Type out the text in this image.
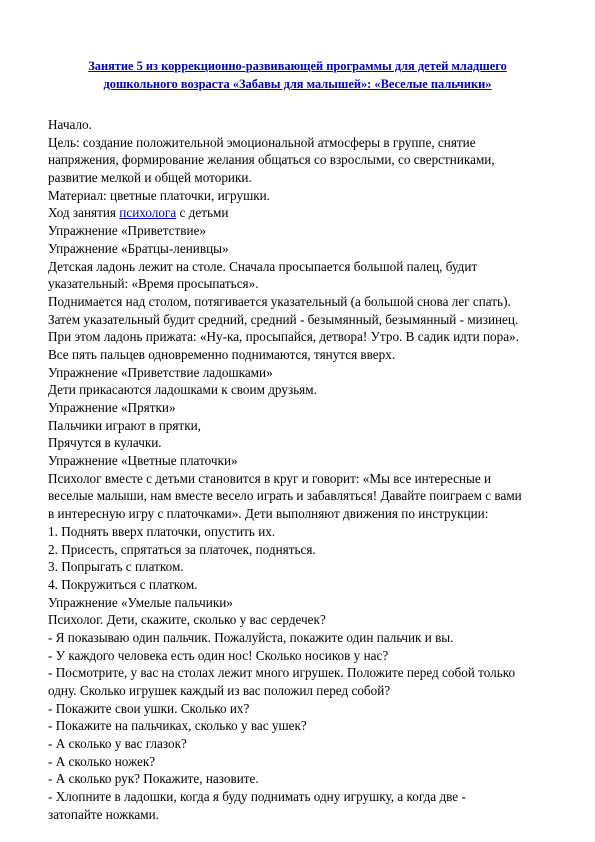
Занятие 5 из коррекционно-развивающей программы для детей младшего
дошкольного возраста «Забавы для малышей»: «Веселые пальчики»
Начало.
Цель: создание положительной эмоциональной атмосферы в группе, снятие
напряжения, формирование желания общаться со взрослыми, со сверстниками,
развитие мелкой и общей моторики.
Материал: цветные платочки, игрушки.
Ход занятия психолога с детьми
Упражнение «Приветствие»
Упражнение «Братцы-ленивцы»
Детская ладонь лежит на столе. Сначала просыпается большой палец, будит
указательный: «Время просыпаться».
Поднимается над столом, потягивается указательный (а большой снова лег спать).
Затем указательный будит средний, средний - безымянный, безымянный - мизинец.
При этом ладонь прижата: «Ну-ка, просыпайся, детвора! Утро. В садик идти пора».
Все пять пальцев одновременно поднимаются, тянутся вверх.
Упражнение «Приветствие ладошками»
Дети прикасаются ладошками к своим друзьям.
Упражнение «Прятки»
Пальчики играют в прятки,
Прячутся в кулачки.
Упражнение «Цветные платочки»
Психолог вместе с детьми становится в круг и говорит: «Мы все интересные и
веселые малыши, нам вместе весело играть и забавляться! Давайте поиграем с вами
в интересную игру с платочками». Дети выполняют движения по инструкции:
1. Поднять вверх платочки, опустить их.
2. Присесть, спрятаться за платочек, подняться.
3. Попрыгать с платком.
4. Покружиться с платком.
Упражнение «Умелые пальчики»
Психолог. Дети, скажите, сколько у вас сердечек?
- Я показываю один пальчик. Пожалуйста, покажите один пальчик и вы.
- У каждого человека есть один нос! Сколько носиков у нас?
- Посмотрите, у вас на столах лежит много игрушек. Положите перед собой только
одну. Сколько игрушек каждый из вас положил перед собой?
- Покажите свои ушки. Сколько их?
- Покажите на пальчиках, сколько у вас ушек?
- А сколько у вас глазок?
- А сколько ножек?
- А сколько рук? Покажите, назовите.
- Хлопните в ладошки, когда я буду поднимать одну игрушку, а когда две -
затопайте ножками.
